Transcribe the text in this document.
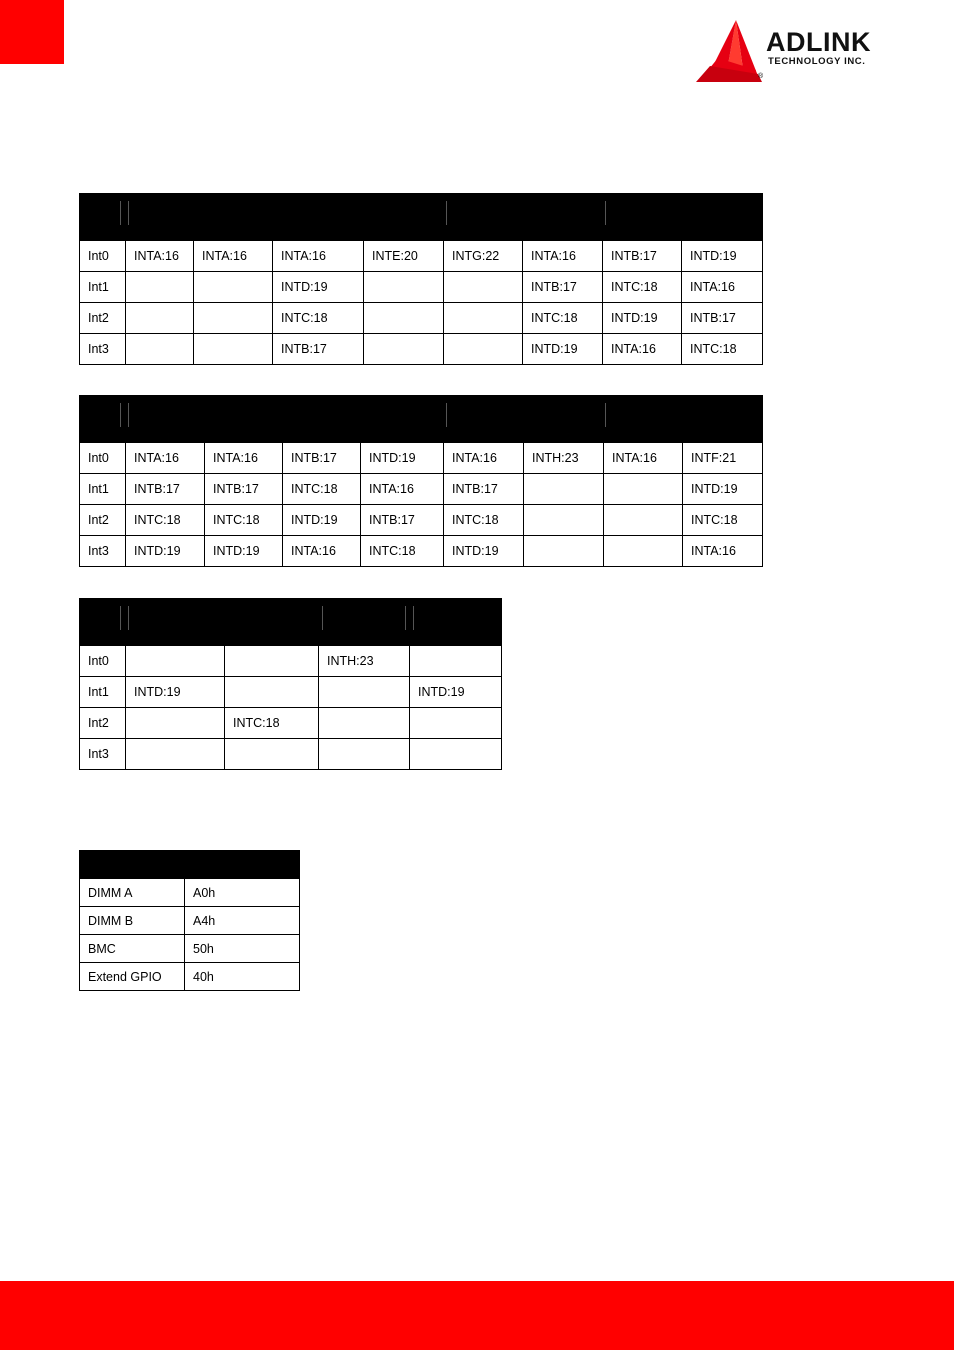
ADLINK
TECHNOLOGY INC.
®

Int0	INTA:16	INTA:16	INTA:16	INTE:20	INTG:22	INTA:16	INTB:17	INTD:19
Int1			INTD:19			INTB:17	INTC:18	INTA:16
Int2			INTC:18			INTC:18	INTD:19	INTB:17
Int3			INTB:17			INTD:19	INTA:16	INTC:18

Int0	INTA:16	INTA:16	INTB:17	INTD:19	INTA:16	INTH:23	INTA:16	INTF:21
Int1	INTB:17	INTB:17	INTC:18	INTA:16	INTB:17			INTD:19
Int2	INTC:18	INTC:18	INTD:19	INTB:17	INTC:18			INTC:18
Int3	INTD:19	INTD:19	INTA:16	INTC:18	INTD:19			INTA:16

Int0			INTH:23	
Int1	INTD:19			INTD:19
Int2		INTC:18		
Int3				

DIMM A	A0h
DIMM B	A4h
BMC	50h
Extend GPIO	40h
